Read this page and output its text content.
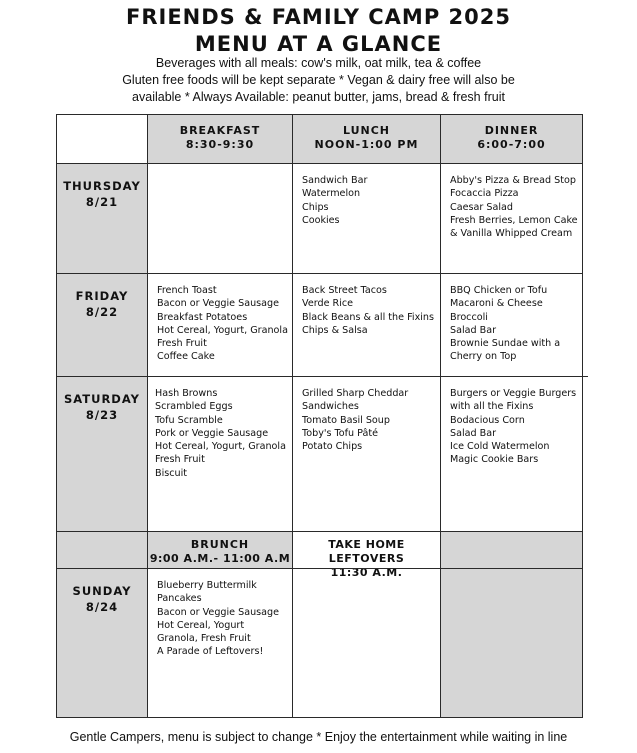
FRIENDS & FAMILY CAMP 2025
MENU AT A GLANCE
Beverages with all meals: cow's milk, oat milk, tea & coffee
Gluten free foods will be kept separate * Vegan & dairy free will also be
available * Always Available: peanut butter, jams, bread & fresh fruit
BREAKFAST
8:30-9:30
LUNCH
NOON-1:00 PM
DINNER
6:00-7:00
THURSDAY
8/21
Sandwich Bar
Watermelon
Chips
Cookies
Abby's Pizza & Bread Stop
Focaccia Pizza
Caesar Salad
Fresh Berries, Lemon Cake
& Vanilla Whipped Cream
FRIDAY
8/22
French Toast
Bacon or Veggie Sausage
Breakfast Potatoes
Hot Cereal, Yogurt, Granola
Fresh Fruit
Coffee Cake
Back Street Tacos
Verde Rice
Black Beans & all the Fixins
Chips & Salsa
BBQ Chicken or Tofu
Macaroni & Cheese
Broccoli
Salad Bar
Brownie Sundae with a
Cherry on Top
SATURDAY
8/23
Hash Browns
Scrambled Eggs
Tofu Scramble
Pork or Veggie Sausage
Hot Cereal, Yogurt, Granola
Fresh Fruit
Biscuit
Grilled Sharp Cheddar
Sandwiches
Tomato Basil Soup
Toby's Tofu Pâté
Potato Chips
Burgers or Veggie Burgers
with all the Fixins
Bodacious Corn
Salad Bar
Ice Cold Watermelon
Magic Cookie Bars
BRUNCH
9:00 A.M.- 11:00 A.M
TAKE HOME LEFTOVERS
11:30 A.M.
SUNDAY
8/24
Blueberry Buttermilk
Pancakes
Bacon or Veggie Sausage
Hot Cereal, Yogurt
Granola, Fresh Fruit
A Parade of Leftovers!
Gentle Campers, menu is subject to change * Enjoy the entertainment while waiting in line
